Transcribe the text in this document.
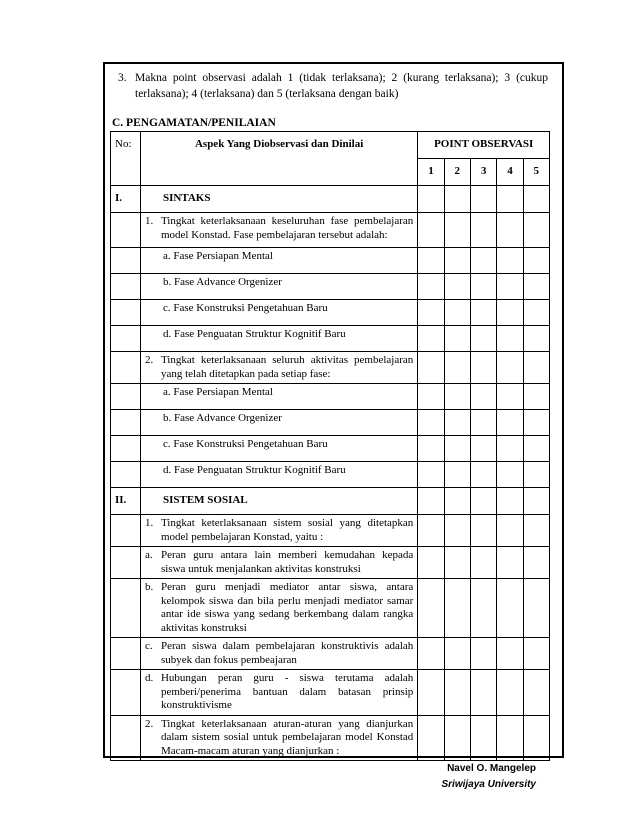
3. Makna point observasi adalah 1 (tidak terlaksana); 2 (kurang terlaksana); 3 (cukup terlaksana); 4 (terlaksana) dan 5 (terlaksana dengan baik)
C. PENGAMATAN/PENILAIAN
No:	Aspek Yang Diobservasi dan Dinilai	POINT OBSERVASI				
		1	2	3	4	5
I.	SINTAKS					

	1. Tingkat keterlaksanaan keseluruhan fase pembelajaran model Konstad. Fase pembelajaran tersebut adalah:					
	a. Fase Persiapan Mental					
	b. Fase Advance Orgenizer					
	c. Fase Konstruksi Pengetahuan Baru					
	d. Fase Penguatan Struktur Kognitif Baru					

	2. Tingkat keterlaksanaan seluruh aktivitas pembelajaran yang telah ditetapkan pada setiap fase:					
	a. Fase Persiapan Mental					
	b. Fase Advance Orgenizer					
	c. Fase Konstruksi Pengetahuan Baru					
	d. Fase Penguatan Struktur Kognitif Baru					
II.	SISTEM SOSIAL					

	1. Tingkat keterlaksanaan sistem sosial yang ditetapkan model pembelajaran Konstad, yaitu :					

	a. Peran guru antara lain memberi kemudahan kepada siswa untuk menjalankan aktivitas konstruksi					

	b. Peran guru menjadi mediator antar siswa, antara kelompok siswa dan bila perlu menjadi mediator samar antar ide siswa yang sedang berkembang dalam rangka aktivitas konstruksi					

	c. Peran siswa dalam pembelajaran konstruktivis adalah subyek dan fokus pembeajaran					

	d. Hubungan peran guru - siswa terutama adalah pemberi/penerima bantuan dalam batasan prinsip konstruktivisme					

	2. Tingkat keterlaksanaan aturan-aturan yang dianjurkan dalam sistem sosial untuk pembelajaran model Konstad Macam-macam aturan yang dianjurkan :					
Navel O. Mangelep
Sriwijaya University
